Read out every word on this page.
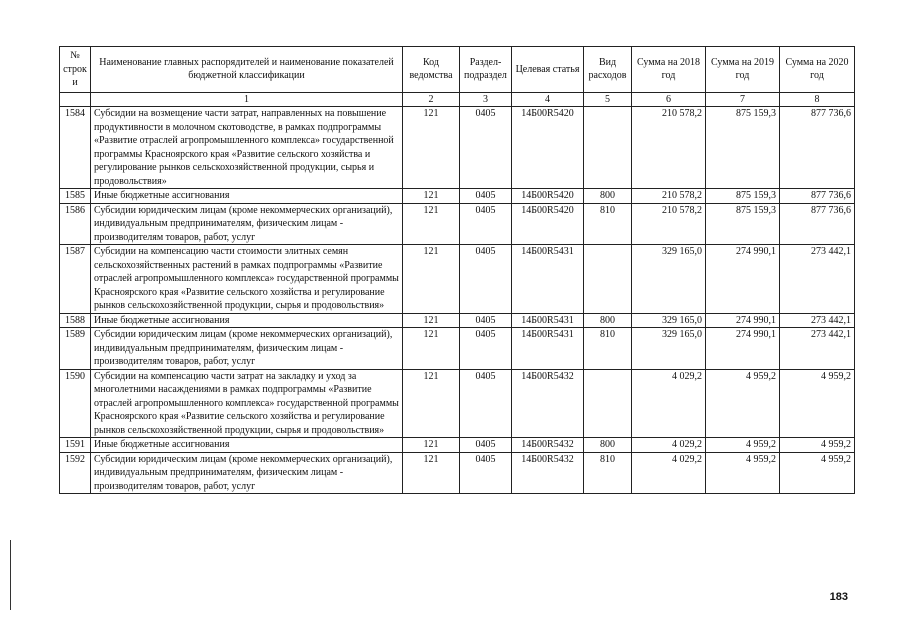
№ строки	Наименование главных распорядителей и наименование показателей бюджетной классификации	Код ведомства	Раздел-подраздел	Целевая статья	Вид расходов	Сумма на 2018 год	Сумма на 2019 год	Сумма на 2020 год
	1	2	3	4	5	6	7	8
1584	Субсидии на возмещение части затрат, направленных на повышение продуктивности в молочном скотоводстве, в рамках подпрограммы «Развитие отраслей агропромышленного комплекса» государственной программы Красноярского края «Развитие сельского хозяйства и регулирование рынков сельскохозяйственной продукции, сырья и продовольствия»	121	0405	14Б00R5420		210 578,2	875 159,3	877 736,6
1585	Иные бюджетные ассигнования	121	0405	14Б00R5420	800	210 578,2	875 159,3	877 736,6
1586	Субсидии юридическим лицам (кроме некоммерческих организаций), индивидуальным предпринимателям, физическим лицам - производителям товаров, работ, услуг	121	0405	14Б00R5420	810	210 578,2	875 159,3	877 736,6
1587	Субсидии на компенсацию части стоимости элитных семян сельскохозяйственных растений в рамках подпрограммы «Развитие отраслей агропромышленного комплекса» государственной программы Красноярского края «Развитие сельского хозяйства и регулирование рынков сельскохозяйственной продукции, сырья и продовольствия»	121	0405	14Б00R5431		329 165,0	274 990,1	273 442,1
1588	Иные бюджетные ассигнования	121	0405	14Б00R5431	800	329 165,0	274 990,1	273 442,1
1589	Субсидии юридическим лицам (кроме некоммерческих организаций), индивидуальным предпринимателям, физическим лицам - производителям товаров, работ, услуг	121	0405	14Б00R5431	810	329 165,0	274 990,1	273 442,1
1590	Субсидии на компенсацию части затрат на закладку и уход за многолетними насаждениями в рамках подпрограммы «Развитие отраслей агропромышленного комплекса» государственной программы Красноярского края «Развитие сельского хозяйства и регулирование рынков сельскохозяйственной продукции, сырья и продовольствия»	121	0405	14Б00R5432		4 029,2	4 959,2	4 959,2
1591	Иные бюджетные ассигнования	121	0405	14Б00R5432	800	4 029,2	4 959,2	4 959,2
1592	Субсидии юридическим лицам (кроме некоммерческих организаций), индивидуальным предпринимателям, физическим лицам - производителям товаров, работ, услуг	121	0405	14Б00R5432	810	4 029,2	4 959,2	4 959,2
183
